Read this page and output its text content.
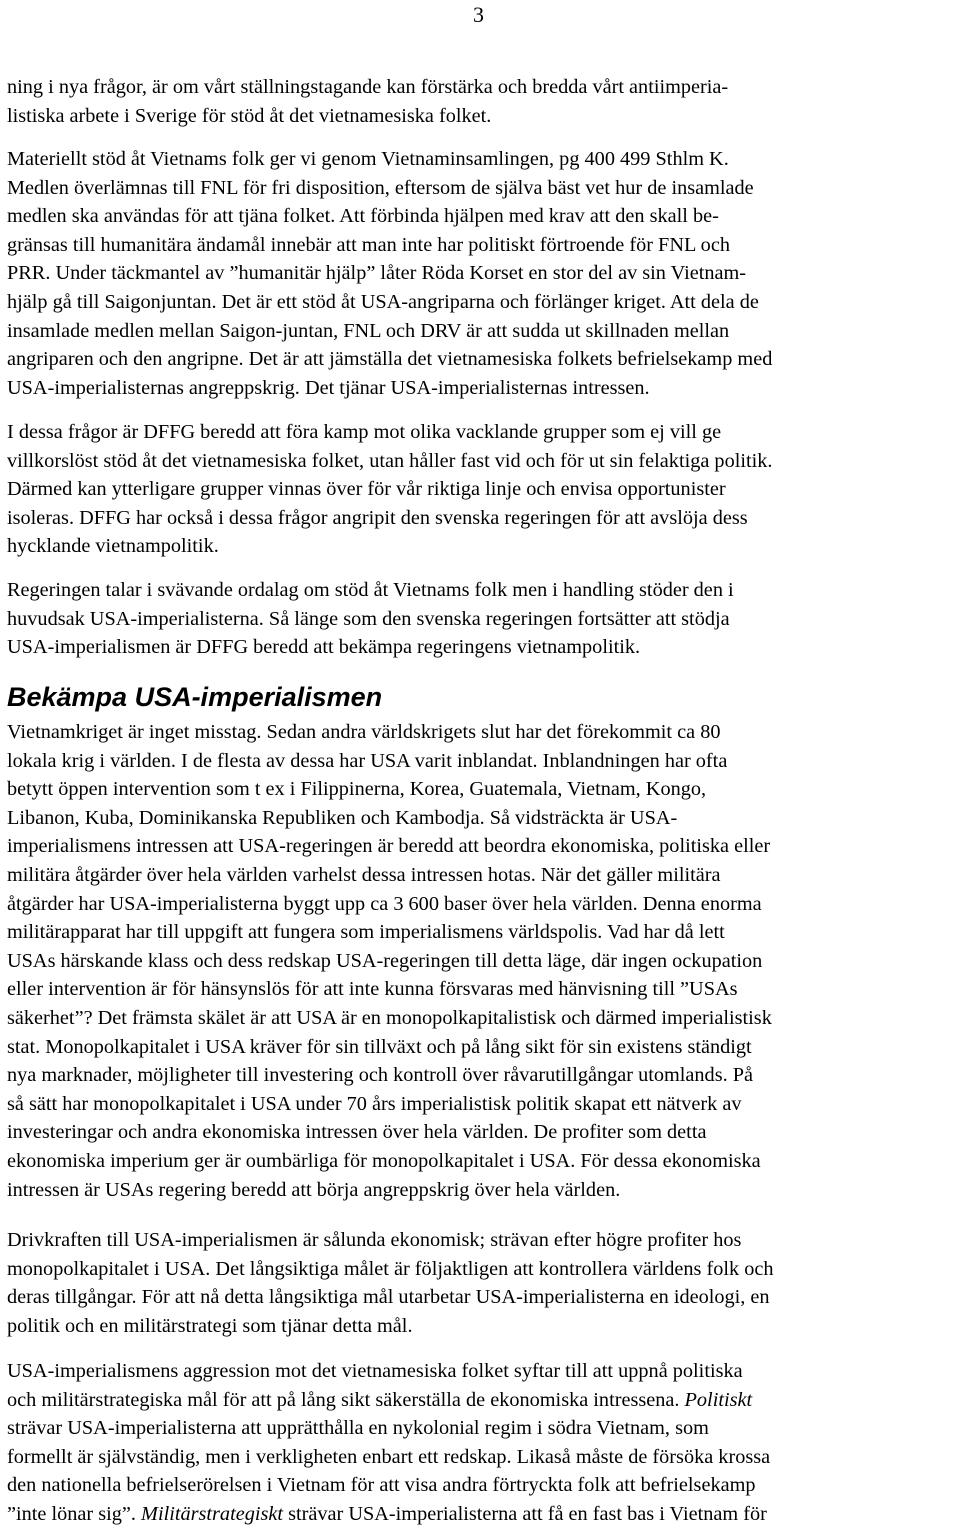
3

ning i nya frågor, är om vårt ställningstagande kan förstärka och bredda vårt antiimperia-
listiska arbete i Sverige för stöd åt det vietnamesiska folket.

Materiellt stöd åt Vietnams folk ger vi genom Vietnaminsamlingen, pg 400 499 Sthlm K.
Medlen överlämnas till FNL för fri disposition, eftersom de själva bäst vet hur de insamlade
medlen ska användas för att tjäna folket. Att förbinda hjälpen med krav att den skall be-
gränsas till humanitära ändamål innebär att man inte har politiskt förtroende för FNL och
PRR. Under täckmantel av ”humanitär hjälp” låter Röda Korset en stor del av sin Vietnam-
hjälp gå till Saigonjuntan. Det är ett stöd åt USA-angriparna och förlänger kriget. Att dela de
insamlade medlen mellan Saigon-juntan, FNL och DRV är att sudda ut skillnaden mellan
angriparen och den angripne. Det är att jämställa det vietnamesiska folkets befrielsekamp med
USA-imperialisternas angreppskrig. Det tjänar USA-imperialisternas intressen.

I dessa frågor är DFFG beredd att föra kamp mot olika vacklande grupper som ej vill ge
villkorslöst stöd åt det vietnamesiska folket, utan håller fast vid och för ut sin felaktiga politik.
Därmed kan ytterligare grupper vinnas över för vår riktiga linje och envisa opportunister
isoleras. DFFG har också i dessa frågor angripit den svenska regeringen för att avslöja dess
hycklande vietnampolitik.

Regeringen talar i svävande ordalag om stöd åt Vietnams folk men i handling stöder den i
huvudsak USA-imperialisterna. Så länge som den svenska regeringen fortsätter att stödja
USA-imperialismen är DFFG beredd att bekämpa regeringens vietnampolitik.

Bekämpa USA-imperialismen

Vietnamkriget är inget misstag. Sedan andra världskrigets slut har det förekommit ca 80
lokala krig i världen. I de flesta av dessa har USA varit inblandat. Inblandningen har ofta
betytt öppen intervention som t ex i Filippinerna, Korea, Guatemala, Vietnam, Kongo,
Libanon, Kuba, Dominikanska Republiken och Kambodja. Så vidsträckta är USA-
imperialismens intressen att USA-regeringen är beredd att beordra ekonomiska, politiska eller
militära åtgärder över hela världen varhelst dessa intressen hotas. När det gäller militära
åtgärder har USA-imperialisterna byggt upp ca 3 600 baser över hela världen. Denna enorma
militärapparat har till uppgift att fungera som imperialismens världspolis. Vad har då lett
USAs härskande klass och dess redskap USA-regeringen till detta läge, där ingen ockupation
eller intervention är för hänsynslös för att inte kunna försvaras med hänvisning till ”USAs
säkerhet”? Det främsta skälet är att USA är en monopolkapitalistisk och därmed imperialistisk
stat. Monopolkapitalet i USA kräver för sin tillväxt och på lång sikt för sin existens ständigt
nya marknader, möjligheter till investering och kontroll över råvarutillgångar utomlands. På
så sätt har monopolkapitalet i USA under 70 års imperialistisk politik skapat ett nätverk av
investeringar och andra ekonomiska intressen över hela världen. De profiter som detta
ekonomiska imperium ger är oumbärliga för monopolkapitalet i USA. För dessa ekonomiska
intressen är USAs regering beredd att börja angreppskrig över hela världen.

Drivkraften till USA-imperialismen är sålunda ekonomisk; strävan efter högre profiter hos
monopolkapitalet i USA. Det långsiktiga målet är följaktligen att kontrollera världens folk och
deras tillgångar. För att nå detta långsiktiga mål utarbetar USA-imperialisterna en ideologi, en
politik och en militärstrategi som tjänar detta mål.

USA-imperialismens aggression mot det vietnamesiska folket syftar till att uppnå politiska
och militärstrategiska mål för att på lång sikt säkerställa de ekonomiska intressena. Politiskt
strävar USA-imperialisterna att upprätthålla en nykolonial regim i södra Vietnam, som
formellt är självständig, men i verkligheten enbart ett redskap. Likaså måste de försöka krossa
den nationella befrielserörelsen i Vietnam för att visa andra förtryckta folk att befrielsekamp
”inte lönar sig”. Militärstrategiskt strävar USA-imperialisterna att få en fast bas i Vietnam för
